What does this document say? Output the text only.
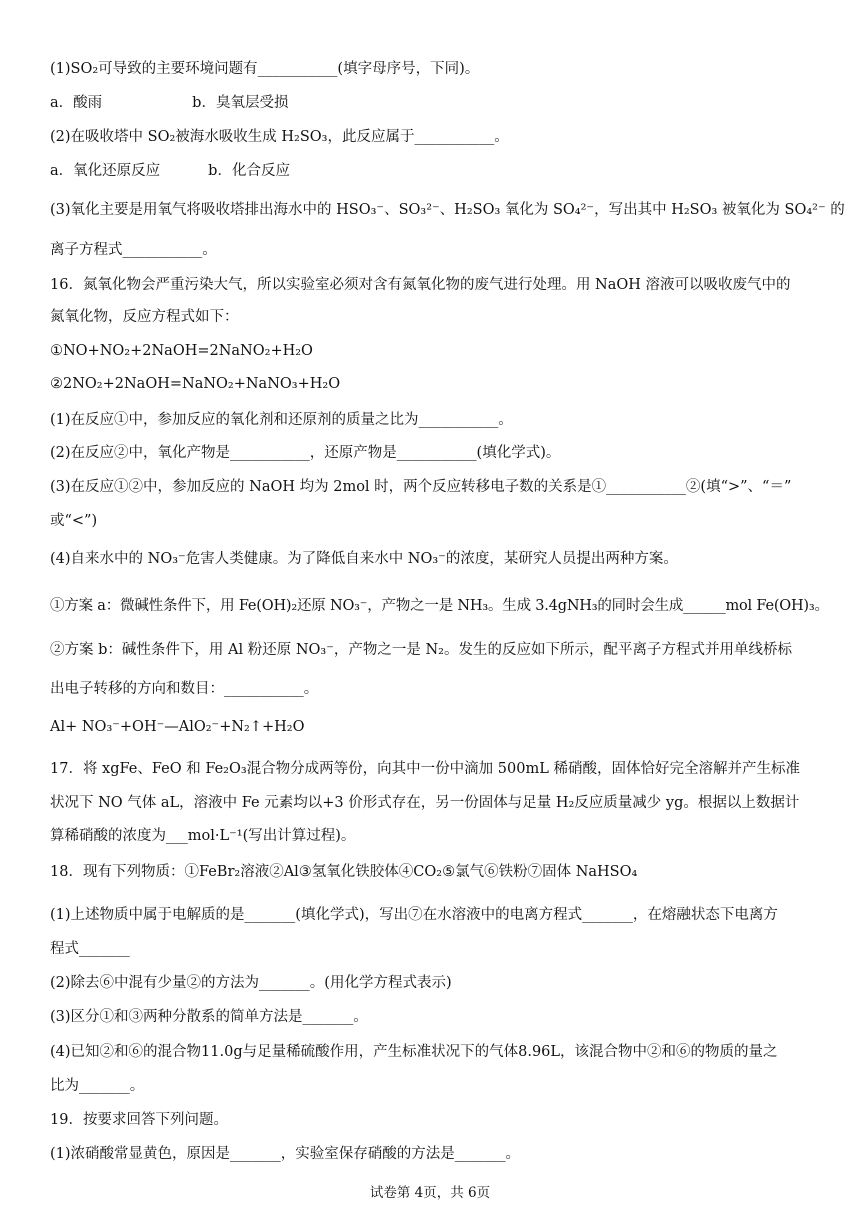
(1)SO₂可导致的主要环境问题有___________(填字母序号，下同)。
a．酸雨	b．臭氧层受损
(2)在吸收塔中 SO₂被海水吸收生成 H₂SO₃，此反应属于___________。
a．氧化还原反应	b．化合反应
(3)氧化主要是用氧气将吸收塔排出海水中的 HSO₃⁻、SO₃²⁻、H₂SO₃ 氧化为 SO₄²⁻，写出其中 H₂SO₃ 被氧化为 SO₄²⁻ 的
离子方程式___________。
16．氮氧化物会严重污染大气，所以实验室必须对含有氮氧化物的废气进行处理。用 NaOH 溶液可以吸收废气中的
氮氧化物，反应方程式如下：
①NO+NO₂+2NaOH=2NaNO₂+H₂O
②2NO₂+2NaOH=NaNO₂+NaNO₃+H₂O
(1)在反应①中，参加反应的氧化剂和还原剂的质量之比为___________。
(2)在反应②中，氧化产物是___________，还原产物是___________(填化学式)。
(3)在反应①②中，参加反应的 NaOH 均为 2mol 时，两个反应转移电子数的关系是①___________②(填“>”、“＝”
或“<”)
(4)自来水中的 NO₃⁻危害人类健康。为了降低自来水中 NO₃⁻的浓度，某研究人员提出两种方案。
①方案 a：微碱性条件下，用 Fe(OH)₂还原 NO₃⁻，产物之一是 NH₃。生成 3.4gNH₃的同时会生成______mol Fe(OH)₃。
②方案 b：碱性条件下，用 Al 粉还原 NO₃⁻，产物之一是 N₂。发生的反应如下所示，配平离子方程式并用单线桥标
出电子转移的方向和数目：___________。
Al+ NO₃⁻+OH⁻—AlO₂⁻+N₂↑+H₂O
17．将 xgFe、FeO 和 Fe₂O₃混合物分成两等份，向其中一份中滴加 500mL 稀硝酸，固体恰好完全溶解并产生标准
状况下 NO 气体 aL，溶液中 Fe 元素均以+3 价形式存在，另一份固体与足量 H₂反应质量减少 yg。根据以上数据计
算稀硝酸的浓度为___mol·L⁻¹(写出计算过程)。
18．现有下列物质：①FeBr₂溶液②Al③氢氧化铁胶体④CO₂⑤氯气⑥铁粉⑦固体 NaHSO₄
(1)上述物质中属于电解质的是_______(填化学式)，写出⑦在水溶液中的电离方程式_______，在熔融状态下电离方
程式_______
(2)除去⑥中混有少量②的方法为_______。(用化学方程式表示)
(3)区分①和③两种分散系的简单方法是_______。
(4)已知②和⑥的混合物11.0g与足量稀硫酸作用，产生标准状况下的气体8.96L，该混合物中②和⑥的物质的量之
比为_______。
19．按要求回答下列问题。
(1)浓硝酸常显黄色，原因是_______，实验室保存硝酸的方法是_______。
试卷第 4页，共 6页
